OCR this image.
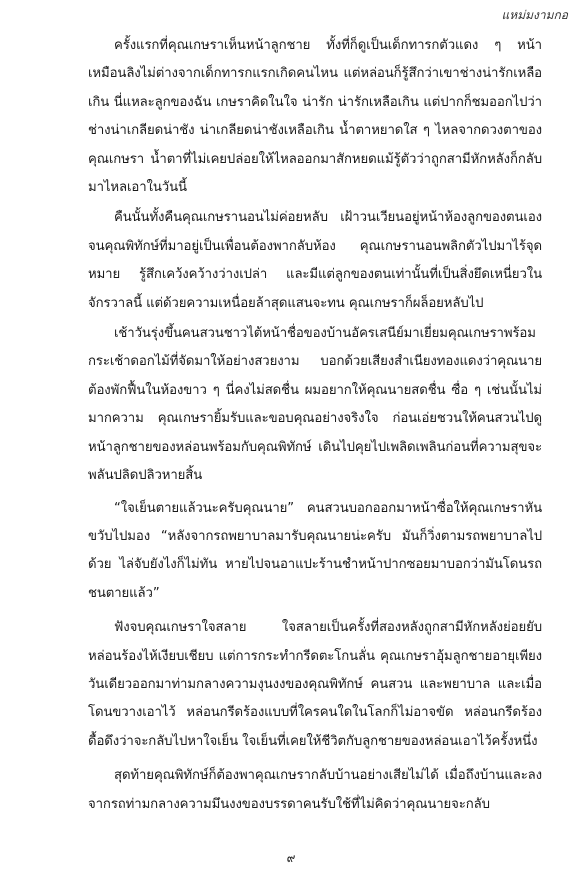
แหม่มงามกอ

ครั้งแรกที่คุณเกษราเห็นหน้าลูกชาย ทั้งที่ก็ดูเป็นเด็กทารกตัวแดง ๆ หน้าเหมือนลิงไม่ต่างจากเด็กทารกแรกเกิดคนไหน แต่หล่อนก็รู้สึกว่าเขาช่างน่ารักเหลือเกิน นี่แหละลูกของฉัน เกษราคิดในใจ น่ารัก น่ารักเหลือเกิน แต่ปากก็ชมออกไปว่าช่างน่าเกลียดน่าชัง น่าเกลียดน่าชังเหลือเกิน น้ำตาหยาดใส ๆ ไหลจากดวงตาของคุณเกษรา น้ำตาที่ไม่เคยปล่อยให้ไหลออกมาสักหยดแม้รู้ตัวว่าถูกสามีหักหลังก็กลับมาไหลเอาในวันนี้

คืนนั้นทั้งคืนคุณเกษรานอนไม่ค่อยหลับ เฝ้าวนเวียนอยู่หน้าห้องลูกของตนเองจนคุณพิทักษ์ที่มาอยู่เป็นเพื่อนต้องพากลับห้อง คุณเกษรานอนพลิกตัวไปมาไร้จุดหมาย รู้สึกเคว้งคว้างว่างเปล่า และมีแต่ลูกของตนเท่านั้นที่เป็นสิ่งยึดเหนี่ยวในจักรวาลนี้ แต่ด้วยความเหนื่อยล้าสุดแสนจะทน คุณเกษราก็ผล็อยหลับไป

เช้าวันรุ่งขึ้นคนสวนชาวไต้หน้าชื่อของบ้านอัครเสนีย์มาเยี่ยมคุณเกษราพร้อมกระเช้าดอกไม้ที่จัดมาให้อย่างสวยงาม บอกด้วยเสียงสำเนียงทองแดงว่าคุณนายต้องพักฟื้นในห้องขาว ๆ นี่คงไม่สดชื่น ผมอยากให้คุณนายสดชื่น ซื่อ ๆ เช่นนั้นไม่มากความ คุณเกษรายิ้มรับและขอบคุณอย่างจริงใจ ก่อนเอ่ยชวนให้คนสวนไปดูหน้าลูกชายของหล่อนพร้อมกับคุณพิทักษ์ เดินไปคุยไปเพลิดเพลินก่อนที่ความสุขจะพลันปลิดปลิวหายสิ้น

“ใจเย็นตายแล้วนะครับคุณนาย” คนสวนบอกออกมาหน้าซื่อให้คุณเกษราหันขวับไปมอง “หลังจากรถพยาบาลมารับคุณนายน่ะครับ มันก็วิ่งตามรถพยาบาลไปด้วย ไล่จับยังไงก็ไม่ทัน หายไปจนอาแปะร้านชำหน้าปากซอยมาบอกว่ามันโดนรถชนตายแล้ว”

ฟังจบคุณเกษราใจสลาย ใจสลายเป็นครั้งที่สองหลังถูกสามีหักหลังย่อยยับ หล่อนร้องไห้เงียบเชียบ แต่การกระทำกรีดตะโกนลั่น คุณเกษราอุ้มลูกชายอายุเพียงวันเดียวออกมาท่ามกลางความงุนงงของคุณพิทักษ์ คนสวน และพยาบาล และเมื่อโดนขวางเอาไว้ หล่อนกรีดร้องแบบที่ใครคนใดในโลกก็ไม่อาจขัด หล่อนกรีดร้องดื้อดึงว่าจะกลับไปหาใจเย็น ใจเย็นที่เคยให้ชีวิตกับลูกชายของหล่อนเอาไว้ครั้งหนึ่ง

สุดท้ายคุณพิทักษ์ก็ต้องพาคุณเกษรากลับบ้านอย่างเสียไม่ได้ เมื่อถึงบ้านและลงจากรถท่ามกลางความมึนงงของบรรดาคนรับใช้ที่ไม่คิดว่าคุณนายจะกลับ

๙
